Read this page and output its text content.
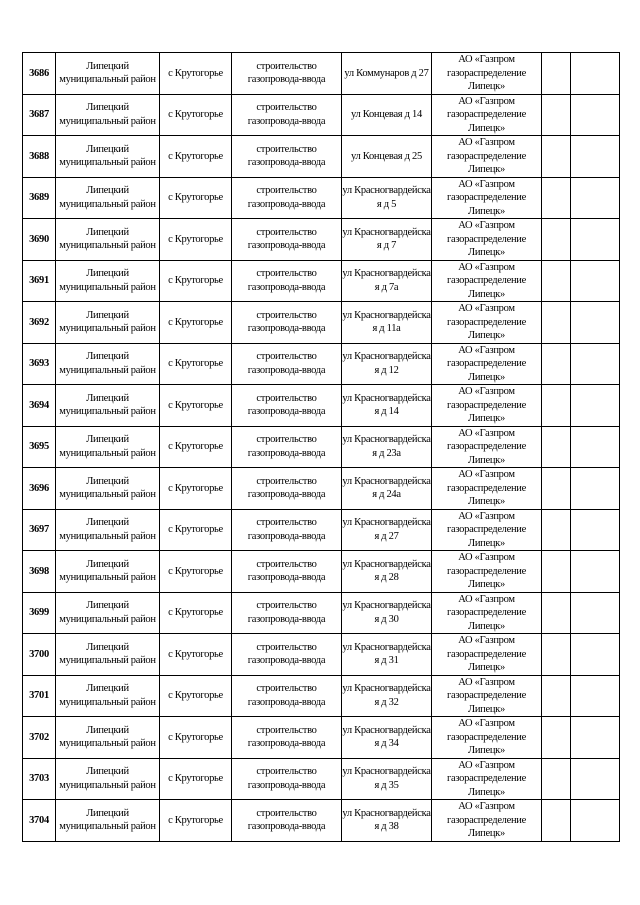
3686	Липецкий муниципальный район	с Крутогорье	строительство газопровода-ввода	ул Коммунаров д 27	АО «Газпром газораспределение Липецк»		
3687	Липецкий муниципальный район	с Крутогорье	строительство газопровода-ввода	ул Концевая д 14	АО «Газпром газораспределение Липецк»		
3688	Липецкий муниципальный район	с Крутогорье	строительство газопровода-ввода	ул Концевая д 25	АО «Газпром газораспределение Липецк»		
3689	Липецкий муниципальный район	с Крутогорье	строительство газопровода-ввода	ул Красногвардейска я д 5	АО «Газпром газораспределение Липецк»		
3690	Липецкий муниципальный район	с Крутогорье	строительство газопровода-ввода	ул Красногвардейска я д 7	АО «Газпром газораспределение Липецк»		
3691	Липецкий муниципальный район	с Крутогорье	строительство газопровода-ввода	ул Красногвардейска я д 7а	АО «Газпром газораспределение Липецк»		
3692	Липецкий муниципальный район	с Крутогорье	строительство газопровода-ввода	ул Красногвардейска я д 11а	АО «Газпром газораспределение Липецк»		
3693	Липецкий муниципальный район	с Крутогорье	строительство газопровода-ввода	ул Красногвардейска я д 12	АО «Газпром газораспределение Липецк»		
3694	Липецкий муниципальный район	с Крутогорье	строительство газопровода-ввода	ул Красногвардейска я д 14	АО «Газпром газораспределение Липецк»		
3695	Липецкий муниципальный район	с Крутогорье	строительство газопровода-ввода	ул Красногвардейска я д 23а	АО «Газпром газораспределение Липецк»		
3696	Липецкий муниципальный район	с Крутогорье	строительство газопровода-ввода	ул Красногвардейска я д 24а	АО «Газпром газораспределение Липецк»		
3697	Липецкий муниципальный район	с Крутогорье	строительство газопровода-ввода	ул Красногвардейска я д 27	АО «Газпром газораспределение Липецк»		
3698	Липецкий муниципальный район	с Крутогорье	строительство газопровода-ввода	ул Красногвардейска я д 28	АО «Газпром газораспределение Липецк»		
3699	Липецкий муниципальный район	с Крутогорье	строительство газопровода-ввода	ул Красногвардейска я д 30	АО «Газпром газораспределение Липецк»		
3700	Липецкий муниципальный район	с Крутогорье	строительство газопровода-ввода	ул Красногвардейска я д 31	АО «Газпром газораспределение Липецк»		
3701	Липецкий муниципальный район	с Крутогорье	строительство газопровода-ввода	ул Красногвардейска я д 32	АО «Газпром газораспределение Липецк»		
3702	Липецкий муниципальный район	с Крутогорье	строительство газопровода-ввода	ул Красногвардейска я д 34	АО «Газпром газораспределение Липецк»		
3703	Липецкий муниципальный район	с Крутогорье	строительство газопровода-ввода	ул Красногвардейска я д 35	АО «Газпром газораспределение Липецк»		
3704	Липецкий муниципальный район	с Крутогорье	строительство газопровода-ввода	ул Красногвардейска я д 38	АО «Газпром газораспределение Липецк»		
